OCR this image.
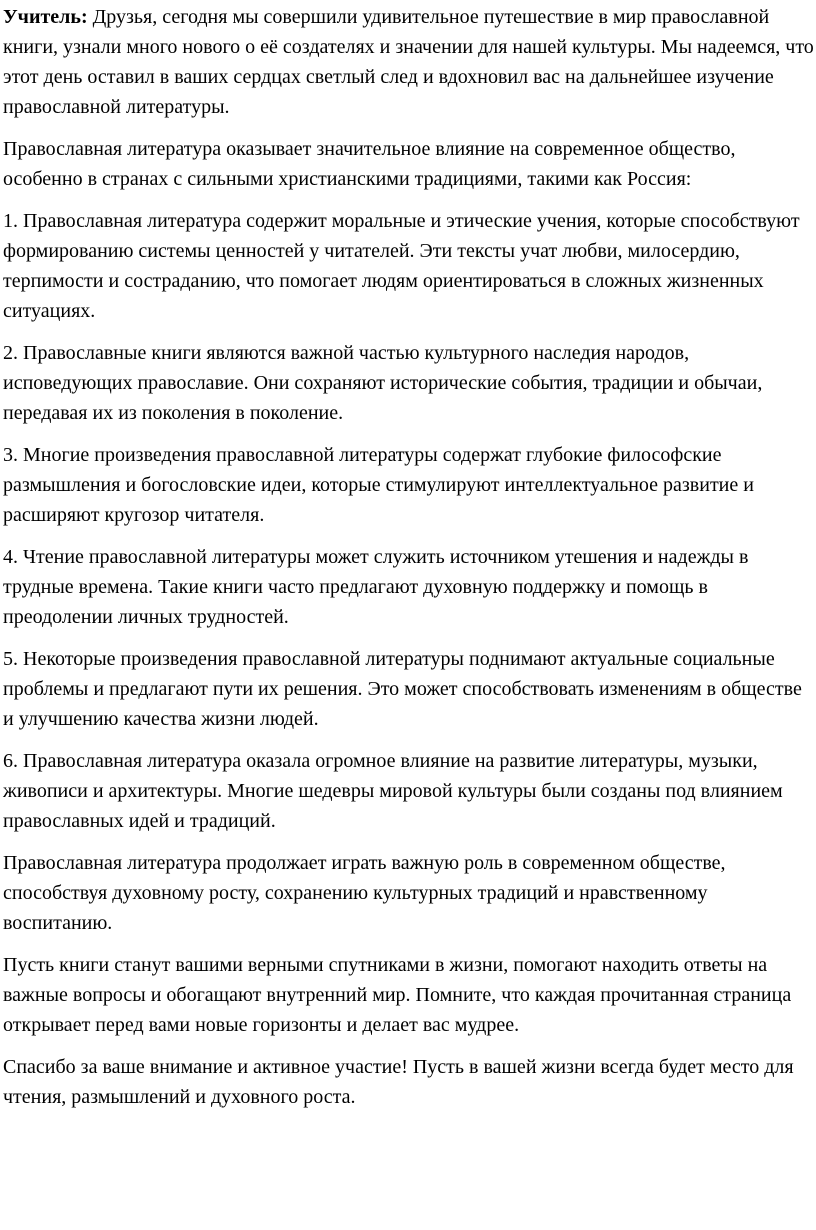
Учитель: Друзья, сегодня мы совершили удивительное путешествие в мир православной книги, узнали много нового о её создателях и значении для нашей культуры. Мы надеемся, что этот день оставил в ваших сердцах светлый след и вдохновил вас на дальнейшее изучение православной литературы.

Православная литература оказывает значительное влияние на современное общество, особенно в странах с сильными христианскими традициями, такими как Россия:

1. Православная литература содержит моральные и этические учения, которые способствуют формированию системы ценностей у читателей. Эти тексты учат любви, милосердию, терпимости и состраданию, что помогает людям ориентироваться в сложных жизненных ситуациях.

2. Православные книги являются важной частью культурного наследия народов, исповедующих православие. Они сохраняют исторические события, традиции и обычаи, передавая их из поколения в поколение.

3. Многие произведения православной литературы содержат глубокие философские размышления и богословские идеи, которые стимулируют интеллектуальное развитие и расширяют кругозор читателя.

4. Чтение православной литературы может служить источником утешения и надежды в трудные времена. Такие книги часто предлагают духовную поддержку и помощь в преодолении личных трудностей.

5. Некоторые произведения православной литературы поднимают актуальные социальные проблемы и предлагают пути их решения. Это может способствовать изменениям в обществе и улучшению качества жизни людей.

6. Православная литература оказала огромное влияние на развитие литературы, музыки, живописи и архитектуры. Многие шедевры мировой культуры были созданы под влиянием православных идей и традиций.

Православная литература продолжает играть важную роль в современном обществе, способствуя духовному росту, сохранению культурных традиций и нравственному воспитанию.

Пусть книги станут вашими верными спутниками в жизни, помогают находить ответы на важные вопросы и обогащают внутренний мир. Помните, что каждая прочитанная страница открывает перед вами новые горизонты и делает вас мудрее.

Спасибо за ваше внимание и активное участие! Пусть в вашей жизни всегда будет место для чтения, размышлений и духовного роста.
